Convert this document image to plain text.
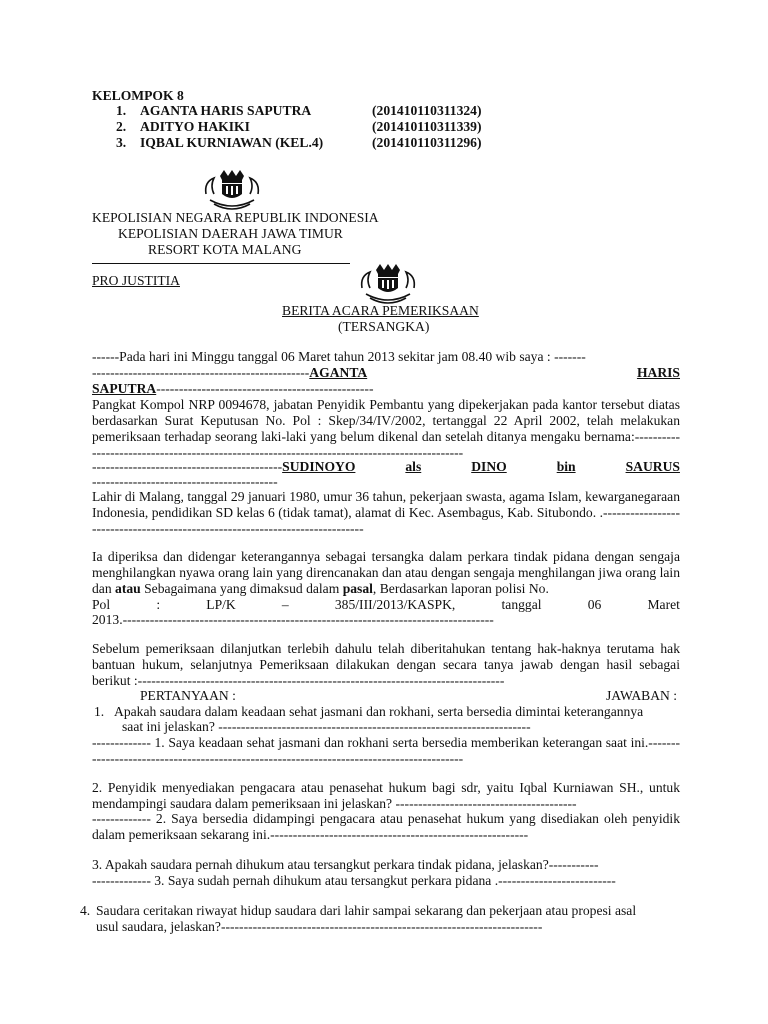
KELOMPOK 8
1. AGANTA HARIS SAPUTRA	(201410110311324)
2. ADITYO HAKIKI	(201410110311339)
3. IQBAL KURNIAWAN (KEL.4)	(201410110311296)
KEPOLISIAN NEGARA REPUBLIK INDONESIA
KEPOLISIAN DAERAH JAWA TIMUR
RESORT KOTA MALANG
PRO JUSTITIA
BERITA ACARA PEMERIKSAAN
(TERSANGKA)
------Pada hari ini Minggu tanggal 06 Maret tahun 2013 sekitar jam 08.40 wib saya : -------
------------------------------------------------AGANTA	HARIS
SAPUTRA------------------------------------------------
Pangkat Kompol NRP 0094678, jabatan Penyidik Pembantu yang dipekerjakan pada kantor tersebut diatas berdasarkan Surat Keputusan No. Pol : Skep/34/IV/2002, tertanggal 22 April 2002, telah melakukan pemeriksaan terhadap seorang laki-laki yang belum dikenal dan setelah ditanya mengaku bernama:--------------------------------------------------------------------------------------------
------------------------------------------SUDINOYO	als	DINO	bin	SAURUS
-----------------------------------------
Lahir di Malang, tanggal 29 januari 1980, umur 36 tahun, pekerjaan swasta, agama Islam, kewarganegaraan Indonesia, pendidikan SD kelas 6 (tidak tamat), alamat di Kec. Asembagus, Kab. Situbondo. .-----------------------------------------------------------------------------
Ia diperiksa dan didengar keterangannya sebagai tersangka dalam perkara tindak pidana dengan sengaja menghilangkan nyawa orang lain yang direncanakan dan atau dengan sengaja menghilangan jiwa orang lain dan atau Sebagaimana yang dimaksud dalam pasal, Berdasarkan laporan polisi No.
Pol	:	LP/K	–	385/III/2013/KASPK,	tanggal	06	Maret
2013.----------------------------------------------------------------------------------
Sebelum pemeriksaan dilanjutkan terlebih dahulu telah diberitahukan tentang hak-haknya terutama hak bantuan hukum, selanjutnya Pemeriksaan dilakukan dengan secara tanya jawab dengan hasil sebagai berikut :---------------------------------------------------------------------------------
PERTANYAAN :	JAWABAN :
1. Apakah saudara dalam keadaan sehat jasmani dan rokhani, serta bersedia dimintai keterangannya
saat ini jelaskan? ---------------------------------------------------------------------
------------- 1. Saya keadaan sehat jasmani dan rokhani serta bersedia memberikan keterangan saat ini.-----------------------------------------------------------------------------------------
2. Penyidik menyediakan pengacara atau penasehat hukum bagi sdr, yaitu Iqbal Kurniawan SH., untuk mendampingi saudara dalam pemeriksaan ini jelaskan? ----------------------------------------
------------- 2. Saya bersedia didampingi pengacara atau penasehat hukum yang disediakan oleh penyidik dalam pemeriksaan sekarang ini.---------------------------------------------------------
3. Apakah saudara pernah dihukum atau tersangkut perkara tindak pidana, jelaskan?-----------
------------- 3. Saya sudah pernah dihukum atau tersangkut perkara pidana .--------------------------
4. Saudara ceritakan riwayat hidup saudara dari lahir sampai sekarang dan pekerjaan atau propesi asal
usul saudara, jelaskan?-----------------------------------------------------------------------
